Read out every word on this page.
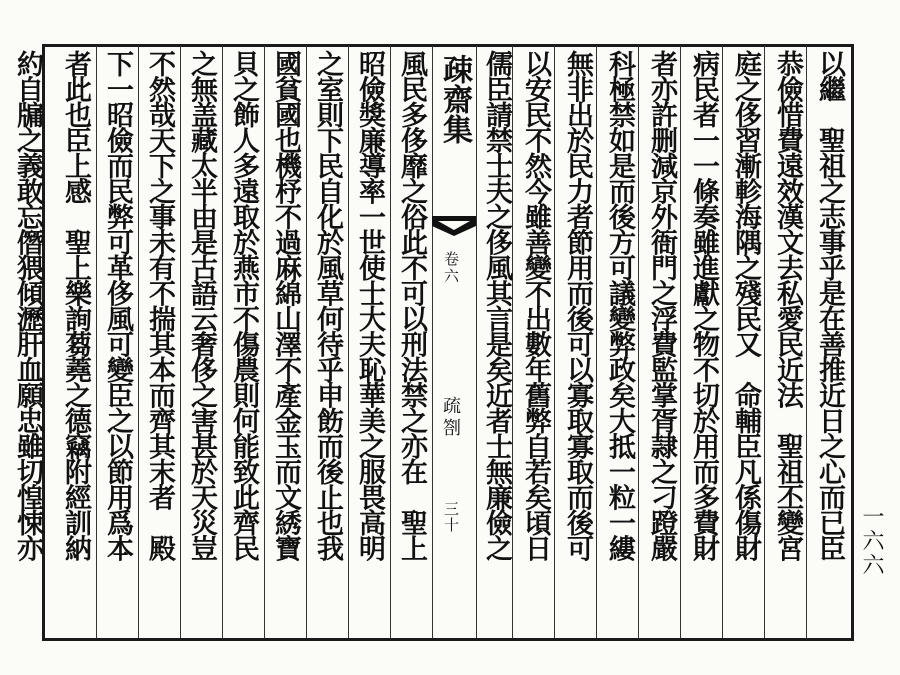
以繼　聖祖之志事乎是在善推近日之心而已臣
恭儉惜費遠效漢文去私愛民近法　聖祖丕變宮
庭之侈習漸軫海隅之殘民又　命輔臣凡係傷財
病民者一一條奏雖進獻之物不切於用而多費財
者亦許删減京外衙門之浮費監掌胥隷之刁蹬嚴
科極禁如是而後方可議變弊政矣大抵一粒一縷
無非出於民力者節用而後可以寡取寡取而後可
以安民不然今雖善變不出數年舊弊自若矣頃日
儒臣請禁士夫之侈風其言是矣近者士無廉儉之
疎齋集
卷六
疏劄
三十
風民多侈靡之俗此不可以刑法禁之亦在　聖上
昭儉獎廉導率一世使士大夫恥華美之服畏高明
之室則下民自化於風草何待乎申飭而後止也我
國貧國也機杼不過麻綿山澤不產金玉而文綉寶
貝之飾人多遠取於燕市不傷農則何能致此齊民
之無盖藏太半由是古語云奢侈之害甚於天災豈
不然哉天下之事未有不揣其本而齊其末者　殿
下一昭儉而民弊可革侈風可變臣之以節用爲本
者此也臣上感　聖上樂詢蒭蕘之德竊附經訓納
約自牖之義敢忘僭猥傾瀝肝血願忠雖切惶悚亦	一六六
